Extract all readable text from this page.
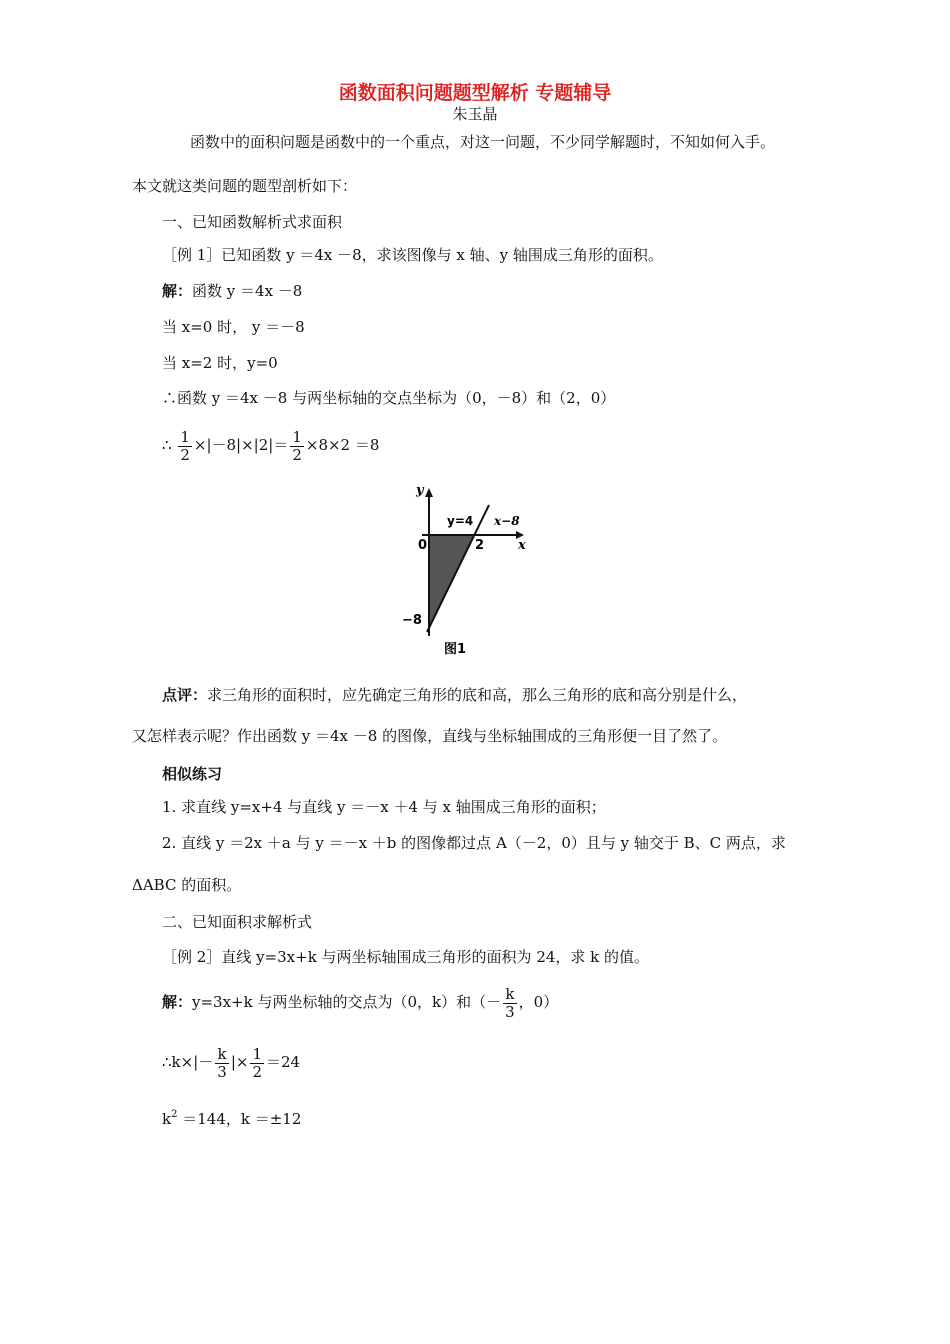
函数面积问题题型解析 专题辅导
朱玉晶
函数中的面积问题是函数中的一个重点，对这一问题，不少同学解题时，不知如何入手。
本文就这类问题的题型剖析如下：
一、已知函数解析式求面积
［例 1］已知函数 y ＝4x －8，求该图像与 x 轴、y 轴围成三角形的面积。
解：函数 y ＝4x －8
当 x=0 时， y ＝－8
当 x=2 时，y=0
∴函数 y ＝4x －8 与两坐标轴的交点坐标为（0，－8）和（2，0）
∴ $\frac{1}{2} \times|-8|\times|2|= \frac{1}{2} \times 8\times 2 =8$
y
x
0
y=4 x−8
2
−8
图1
点评：求三角形的面积时，应先确定三角形的底和高，那么三角形的底和高分别是什么，
又怎样表示呢？作出函数 y ＝4x －8 的图像，直线与坐标轴围成的三角形便一目了然了。
相似练习
1. 求直线 y=x+4 与直线 y ＝－x ＋4 与 x 轴围成三角形的面积；
2. 直线 y ＝2x ＋a 与 y ＝－x ＋b 的图像都过点 A（－2，0）且与 y 轴交于 B、C 两点，求
ΔABC 的面积。
二、已知面积求解析式
［例 2］直线 y=3x+k 与两坐标轴围成三角形的面积为 24，求 k 的值。
解：y=3x+k 与两坐标轴的交点为（0，k）和（－ $\frac{k}{3}$ ，0）
∴k×|－ $\frac{k}{3}$ |× $\frac{1}{2} =24$
$k^2 =144$，k ＝±12
